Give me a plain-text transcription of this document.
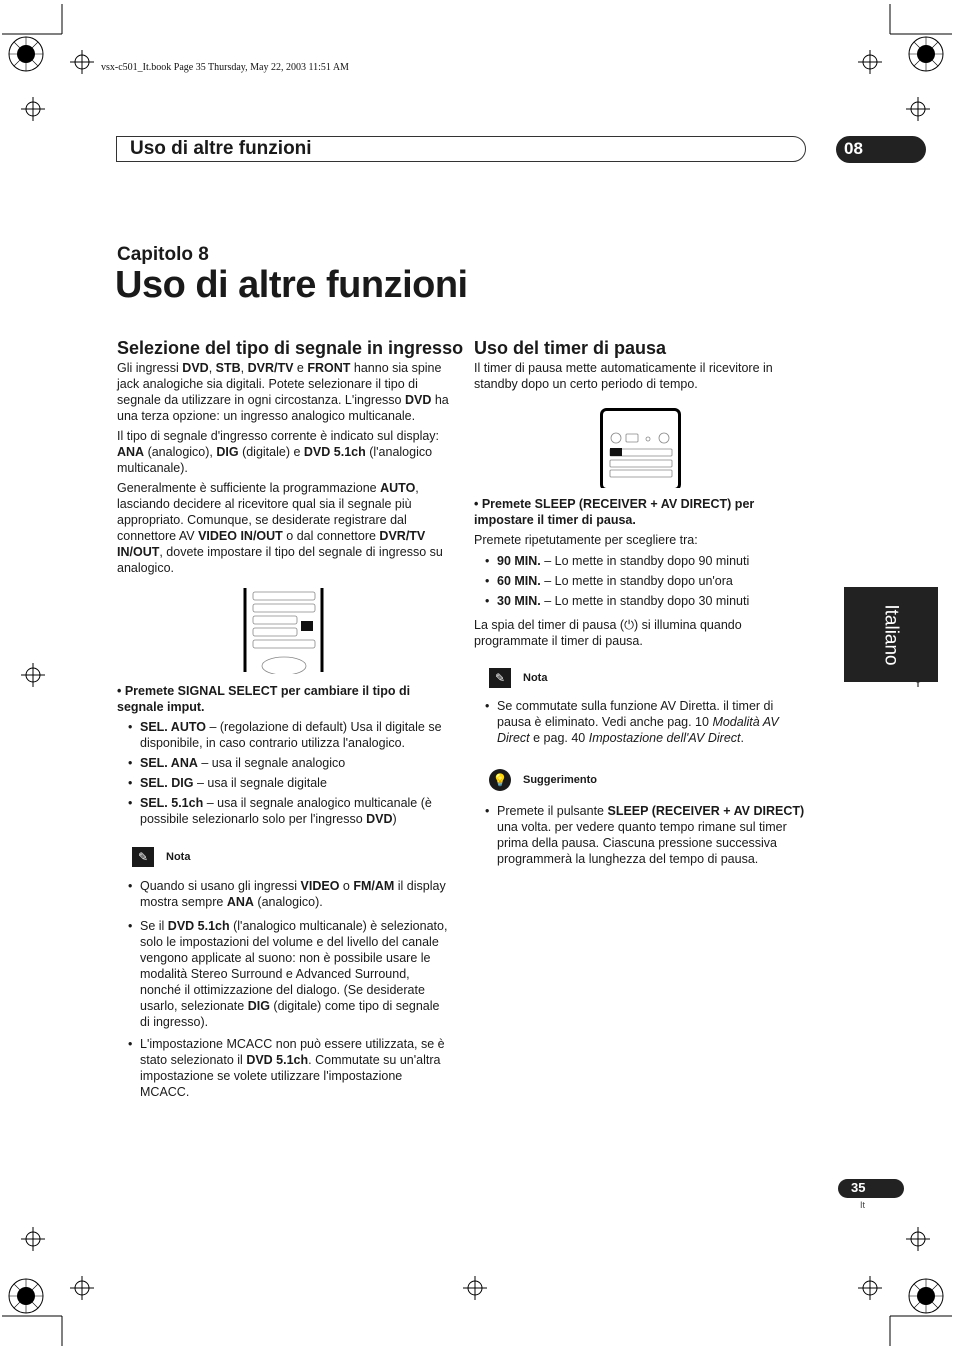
vsx-c501_It.book Page 35 Thursday, May 22, 2003 11:51 AM
Uso di altre funzioni	08
Capitolo 8
Uso di altre funzioni
Selezione del tipo di segnale in ingresso

Gli ingressi DVD, STB, DVR/TV e FRONT hanno sia spine jack analogiche sia digitali. Potete selezionare il tipo di segnale da utilizzare in ogni circostanza. L'ingresso DVD ha una terza opzione: un ingresso analogico multicanale.

Il tipo di segnale d'ingresso corrente è indicato sul display: ANA (analogico), DIG (digitale) e DVD 5.1ch (l'analogico multicanale).

Generalmente è sufficiente la programmazione AUTO, lasciando decidere al ricevitore qual sia il segnale più appropriato. Comunque, se desiderate registrare dal connettore AV VIDEO IN/OUT o dal connettore DVR/TV IN/OUT, dovete impostare il tipo del segnale di ingresso su analogico.

• Premete SIGNAL SELECT per cambiare il tipo di segnale imput.

• SEL. AUTO – (regolazione di default) Usa il digitale se disponibile, in caso contrario utilizza l'analogico.
• SEL. ANA – usa il segnale analogico
• SEL. DIG – usa il segnale digitale
• SEL. 5.1ch – usa il segnale analogico multicanale (è possibile selezionarlo solo per l'ingresso DVD)
✎	Nota
• Quando si usano gli ingressi VIDEO o FM/AM il display mostra sempre ANA (analogico).
• Se il DVD 5.1ch (l'analogico multicanale) è selezionato, solo le impostazioni del volume e del livello del canale vengono applicate al suono: non è possibile usare le modalità Stereo Surround e Advanced Surround, nonché il ottimizzazione del dialogo. (Se desiderate usarlo, selezionate DIG (digitale) come tipo di segnale di ingresso).
• L'impostazione MCACC non può essere utilizzata, se è stato selezionato il DVD 5.1ch. Commutate su un'altra impostazione se volete utilizzare l'impostazione MCACC.
Uso del timer di pausa
Il timer di pausa mette automaticamente il ricevitore in standby dopo un certo periodo di tempo.

• Premete SLEEP (RECEIVER + AV DIRECT) per impostare il timer di pausa.

Premete ripetutamente per scegliere tra:

• 90 MIN. – Lo mette in standby dopo 90 minuti
• 60 MIN. – Lo mette in standby dopo un'ora
• 30 MIN. – Lo mette in standby dopo 30 minuti

La spia del timer di pausa (⏻) si illumina quando programmate il timer di pausa.

✎	Nota
• Se commutate sulla funzione AV Diretta. il timer di pausa è eliminato. Vedi anche pag. 10 Modalità AV Direct e pag. 40 Impostazione dell'AV Direct.
💡	Suggerimento
• Premete il pulsante SLEEP (RECEIVER + AV DIRECT) una volta. per vedere quanto tempo rimane sul timer prima della pausa. Ciascuna pressione successiva programmerà la lunghezza del tempo di pausa.
Italiano
35
It
